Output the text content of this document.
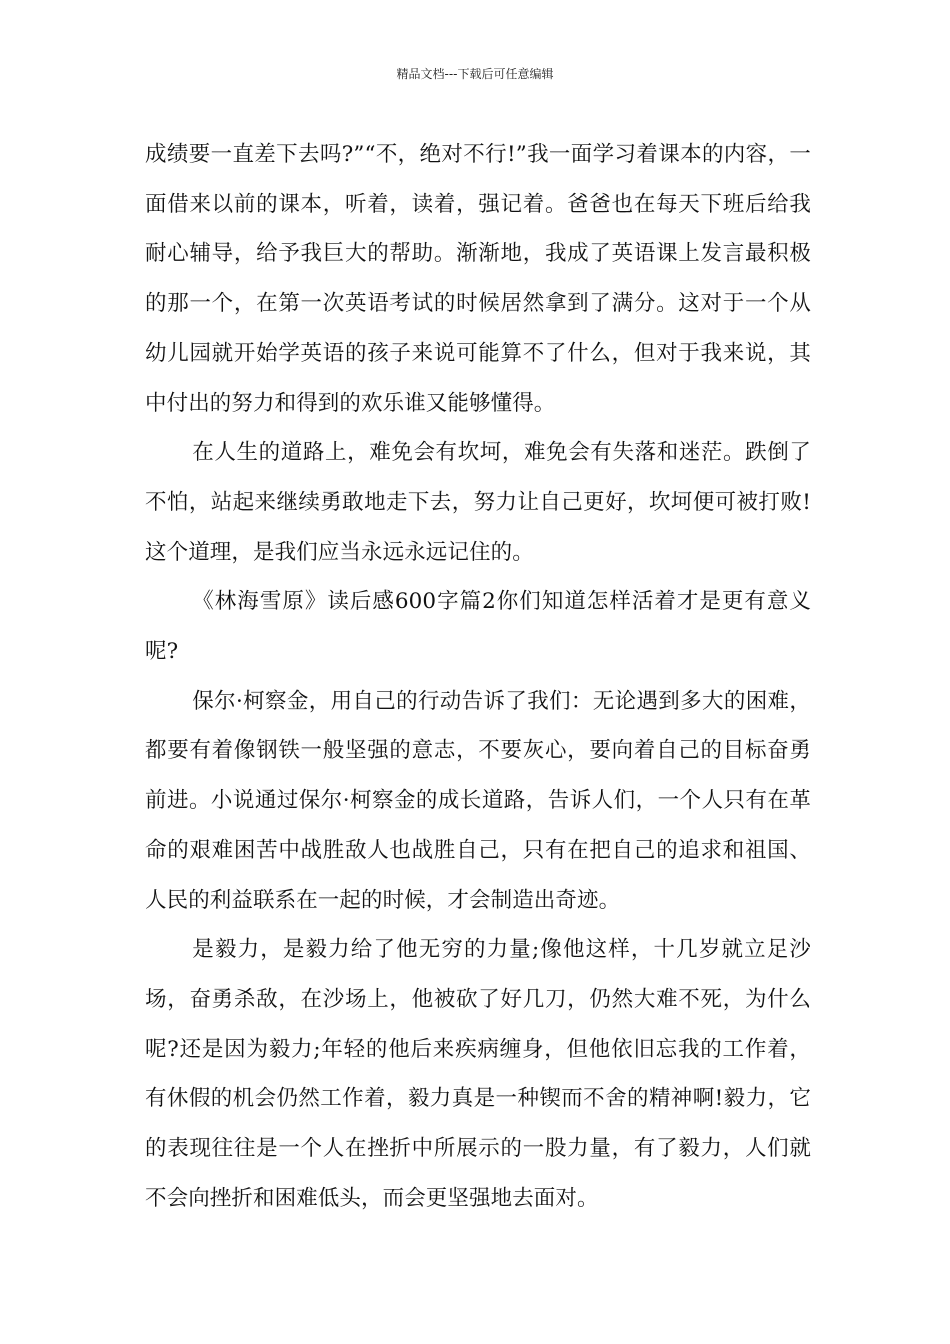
精品文档---下载后可任意编辑

成绩要一直差下去吗?”“不，绝对不行!”我一面学习着课本的内容，一面借来以前的课本，听着，读着，强记着。爸爸也在每天下班后给我耐心辅导，给予我巨大的帮助。渐渐地，我成了英语课上发言最积极的那一个，在第一次英语考试的时候居然拿到了满分。这对于一个从幼儿园就开始学英语的孩子来说可能算不了什么，但对于我来说，其中付出的努力和得到的欢乐谁又能够懂得。

在人生的道路上，难免会有坎坷，难免会有失落和迷茫。跌倒了不怕，站起来继续勇敢地走下去，努力让自己更好，坎坷便可被打败!这个道理，是我们应当永远永远记住的。

《林海雪原》读后感600字篇2你们知道怎样活着才是更有意义呢?

保尔·柯察金，用自己的行动告诉了我们：无论遇到多大的困难，都要有着像钢铁一般坚强的意志，不要灰心，要向着自己的目标奋勇前进。小说通过保尔·柯察金的成长道路，告诉人们，一个人只有在革命的艰难困苦中战胜敌人也战胜自己，只有在把自己的追求和祖国、人民的利益联系在一起的时候，才会制造出奇迹。

是毅力，是毅力给了他无穷的力量;像他这样，十几岁就立足沙场，奋勇杀敌，在沙场上，他被砍了好几刀，仍然大难不死，为什么呢?还是因为毅力;年轻的他后来疾病缠身，但他依旧忘我的工作着，有休假的机会仍然工作着，毅力真是一种锲而不舍的精神啊!毅力，它的表现往往是一个人在挫折中所展示的一股力量，有了毅力，人们就不会向挫折和困难低头，而会更坚强地去面对。
